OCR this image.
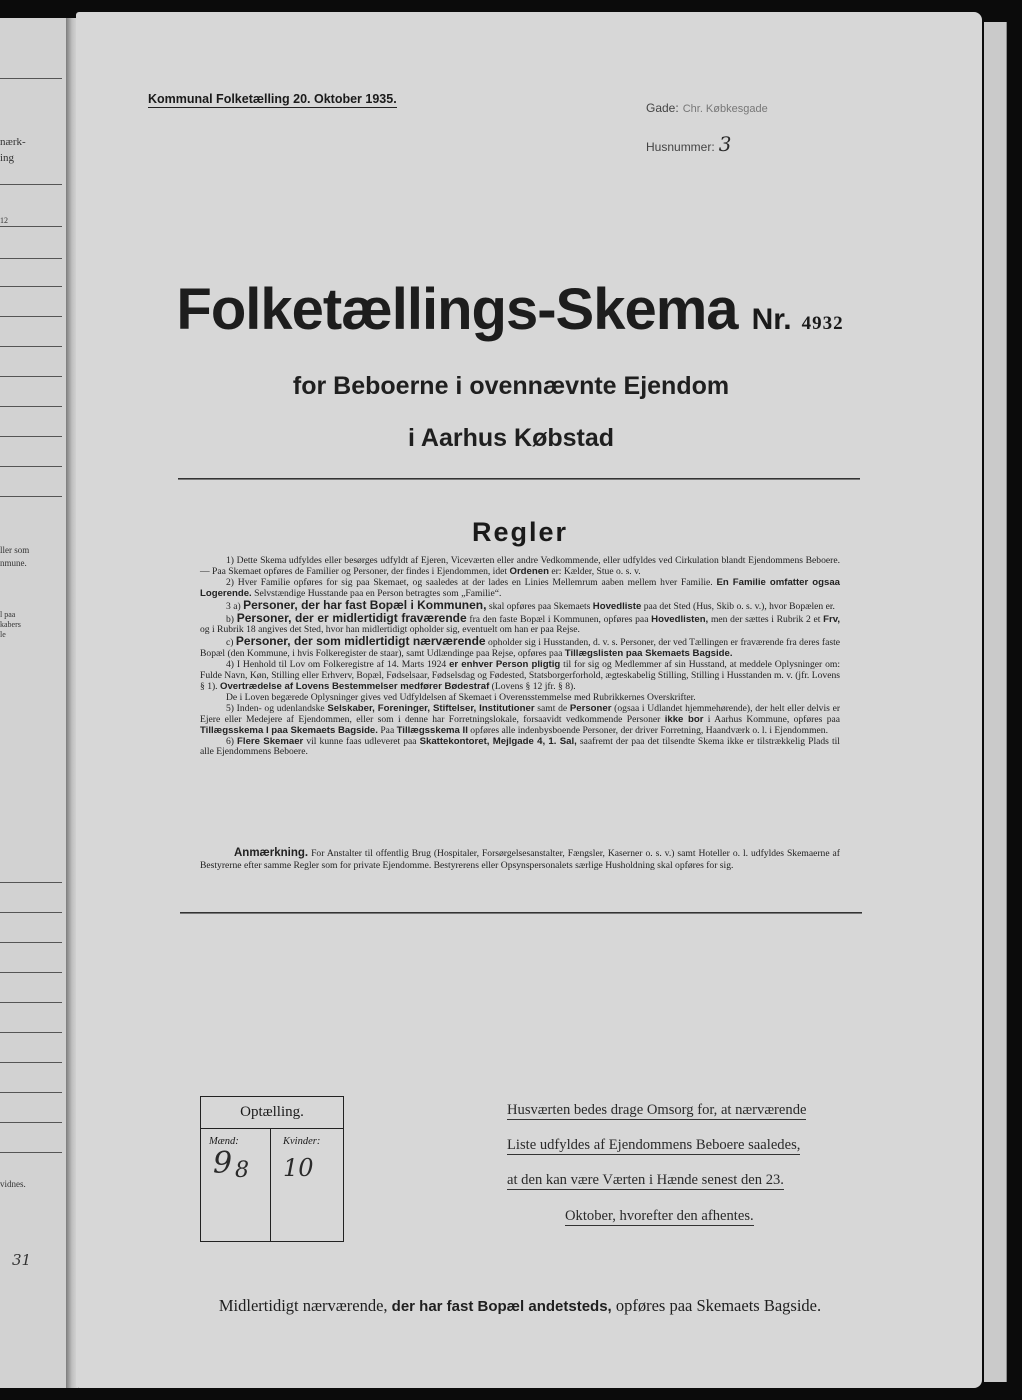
nærk-
ing
12
ller som
nmune.
l paa
kabers
le
vidnes.
31
Kommunal Folketælling 20. Oktober 1935.
Gade: Chr. Købkesgade
Husnummer: 3
Folketællings-Skema Nr. 4932
for Beboerne i ovennævnte Ejendom
i Aarhus Købstad
Regler

1) Dette Skema udfyldes eller besørges udfyldt af Ejeren, Viceværten eller andre Vedkommende, eller udfyldes ved Cirkulation blandt Ejendommens Beboere. — Paa Skemaet opføres de Familier og Personer, der findes i Ejendommen, idet Ordenen er: Kælder, Stue o. s. v.

2) Hver Familie opføres for sig paa Skemaet, og saaledes at der lades en Linies Mellemrum aaben mellem hver Familie. En Familie omfatter ogsaa Logerende. Selvstændige Husstande paa en Person betragtes som „Familie“.

3 a) Personer, der har fast Bopæl i Kommunen, skal opføres paa Skemaets Hovedliste paa det Sted (Hus, Skib o. s. v.), hvor Bopælen er.

b) Personer, der er midlertidigt fraværende fra den faste Bopæl i Kommunen, opføres paa Hovedlisten, men der sættes i Rubrik 2 et Frv, og i Rubrik 18 angives det Sted, hvor han midlertidigt opholder sig, eventuelt om han er paa Rejse.

c) Personer, der som midlertidigt nærværende opholder sig i Husstanden, d. v. s. Personer, der ved Tællingen er fraværende fra deres faste Bopæl (den Kommune, i hvis Folkeregister de staar), samt Udlændinge paa Rejse, opføres paa Tillægslisten paa Skemaets Bagside.

4) I Henhold til Lov om Folkeregistre af 14. Marts 1924 er enhver Person pligtig til for sig og Medlemmer af sin Husstand, at meddele Oplysninger om: Fulde Navn, Køn, Stilling eller Erhverv, Bopæl, Fødselsaar, Fødselsdag og Fødested, Statsborgerforhold, ægteskabelig Stilling, Stilling i Husstanden m. v. (jfr. Lovens § 1). Overtrædelse af Lovens Bestemmelser medfører Bødestraf (Lovens § 12 jfr. § 8).

De i Loven begærede Oplysninger gives ved Udfyldelsen af Skemaet i Overensstemmelse med Rubrikkernes Overskrifter.

5) Inden- og udenlandske Selskaber, Foreninger, Stiftelser, Institutioner samt de Personer (ogsaa i Udlandet hjemmehørende), der helt eller delvis er Ejere eller Medejere af Ejendommen, eller som i denne har Forretningslokale, forsaavidt vedkommende Personer ikke bor i Aarhus Kommune, opføres paa Tillægsskema I paa Skemaets Bagside. Paa Tillægsskema II opføres alle indenbysboende Personer, der driver Forretning, Haandværk o. l. i Ejendommen.

6) Flere Skemaer vil kunne faas udleveret paa Skattekontoret, Mejlgade 4, 1. Sal, saafremt der paa det tilsendte Skema ikke er tilstrækkelig Plads til alle Ejendommens Beboere.

Anmærkning. For Anstalter til offentlig Brug (Hospitaler, Forsørgelsesanstalter, Fængsler, Kaserner o. s. v.) samt Hoteller o. l. udfyldes Skemaerne af Bestyrerne efter samme Regler som for private Ejendomme. Bestyrerens eller Opsynspersonalets særlige Husholdning skal opføres for sig.
Optælling.
Mænd:
9 8
Kvinder:
10
Husværten bedes drage Omsorg for, at nærværende
Liste udfyldes af Ejendommens Beboere saaledes,
at den kan være Værten i Hænde senest den 23.
Oktober, hvorefter den afhentes.
Midlertidigt nærværende, der har fast Bopæl andetsteds, opføres paa Skemaets Bagside.
